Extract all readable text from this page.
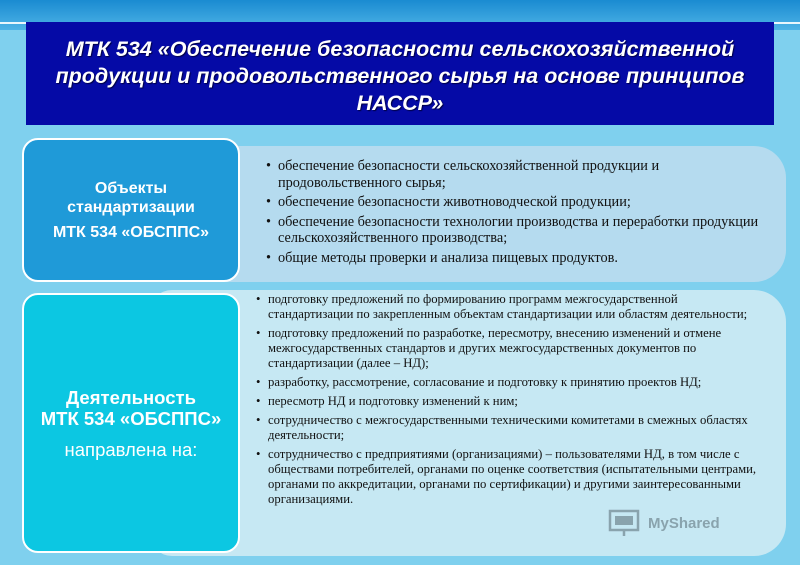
МТК 534 «Обеспечение безопасности сельскохозяйственной продукции и продовольственного сырья на основе принципов НАССР»
• обеспечение безопасности сельскохозяйственной продукции и продовольственного сырья;
• обеспечение безопасности животноводческой продукции;
• обеспечение безопасности технологии производства и переработки продукции сельскохозяйственного производства;
• общие методы проверки и анализа пищевых продуктов.
• подготовку предложений по формированию программ межгосударственной стандартизации по закрепленным объектам стандартизации или областям деятельности;
• подготовку предложений по разработке, пересмотру, внесению изменений и отмене межгосударственных стандартов и других межгосударственных документов по стандартизации (далее – НД);
• разработку, рассмотрение, согласование и подготовку к принятию проектов НД;
• пересмотр НД и подготовку изменений к ним;
• сотрудничество с межгосударственными техническими комитетами в смежных областях деятельности;
• сотрудничество с предприятиями (организациями) – пользователями НД, в том числе с обществами потребителей, органами по оценке соответствия (испытательными центрами, органами по аккредитации, органами по сертификации) и другими заинтересованными организациями.
Объекты стандартизации
МТК 534 «ОБСППС»
Деятельность
МТК 534 «ОБСППС»
направлена на:
MyShared
